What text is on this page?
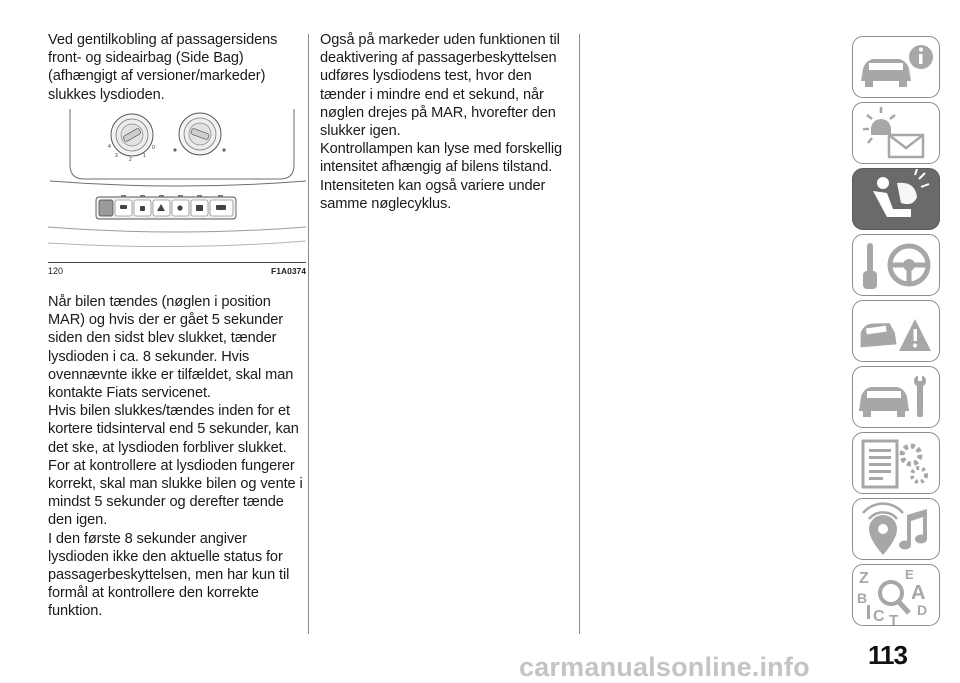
Ved gentilkobling af passagersidens front- og sideairbag (Side Bag) (afhængigt af versioner/markeder) slukkes lysdioden.

4
3
2
1
0
120	F1A0374

Når bilen tændes (nøglen i position MAR) og hvis der er gået 5 sekunder siden den sidst blev slukket, tænder lysdioden i ca. 8 sekunder. Hvis ovennævnte ikke er tilfældet, skal man kontakte Fiats servicenet.

Hvis bilen slukkes/tændes inden for et kortere tidsinterval end 5 sekunder, kan det ske, at lysdioden forbliver slukket. For at kontrollere at lysdioden fungerer korrekt, skal man slukke bilen og vente i mindst 5 sekunder og derefter tænde den igen.

I den første 8 sekunder angiver lysdioden ikke den aktuelle status for passagerbeskyttelsen, men har kun til formål at kontrollere den korrekte funktion.

Også på markeder uden funktionen til deaktivering af passagerbeskyttelsen udføres lysdiodens test, hvor den tænder i mindre end et sekund, når nøglen drejes på MAR, hvorefter den slukker igen.

Kontrollampen kan lyse med forskellig intensitet afhængig af bilens tilstand. Intensiteten kan også variere under samme nøglecyklus.

Z	E
A
B
C T
D
113
carmanualsonline.info
